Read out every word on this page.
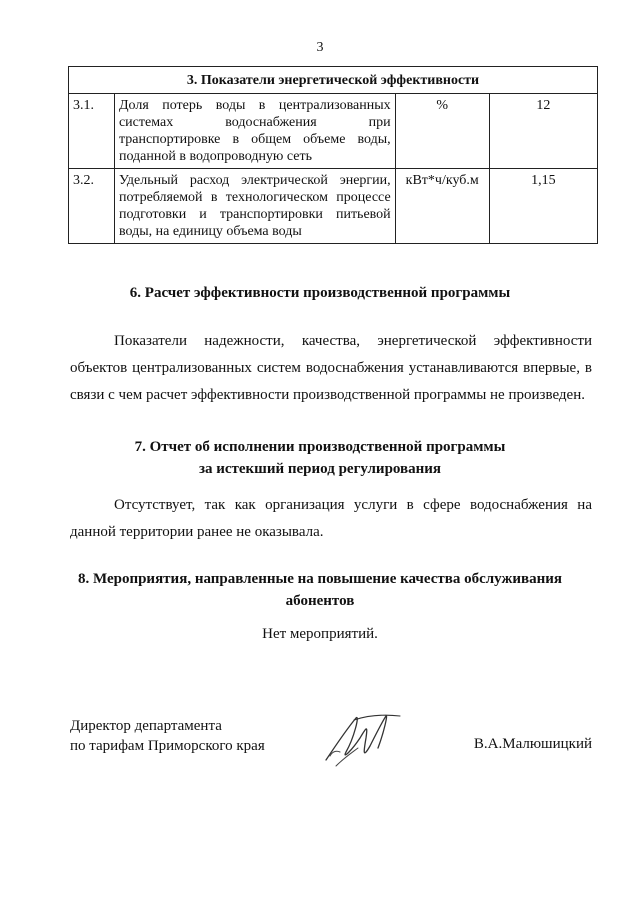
3
3. Показатели энергетической эффективности			
3.1.	Доля потерь воды в централизованных системах водоснабжения при транспортировке в общем объеме воды, поданной в водопроводную сеть	%	12
3.2.	Удельный расход электрической энергии, потребляемой в технологическом процессе подготовки и транспортировки питьевой воды, на единицу объема воды	кВт*ч/куб.м	1,15
6. Расчет эффективности производственной программы
Показатели надежности, качества, энергетической эффективности объектов централизованных систем водоснабжения устанавливаются впервые, в связи с чем расчет эффективности производственной программы не произведен.
7. Отчет об исполнении производственной программы
за истекший период регулирования
Отсутствует, так как организация услуги в сфере водоснабжения на данной территории ранее не оказывала.
8. Мероприятия, направленные на повышение качества обслуживания
абонентов
Нет мероприятий.
Директор департамента
по тарифам Приморского края	В.А.Малюшицкий
